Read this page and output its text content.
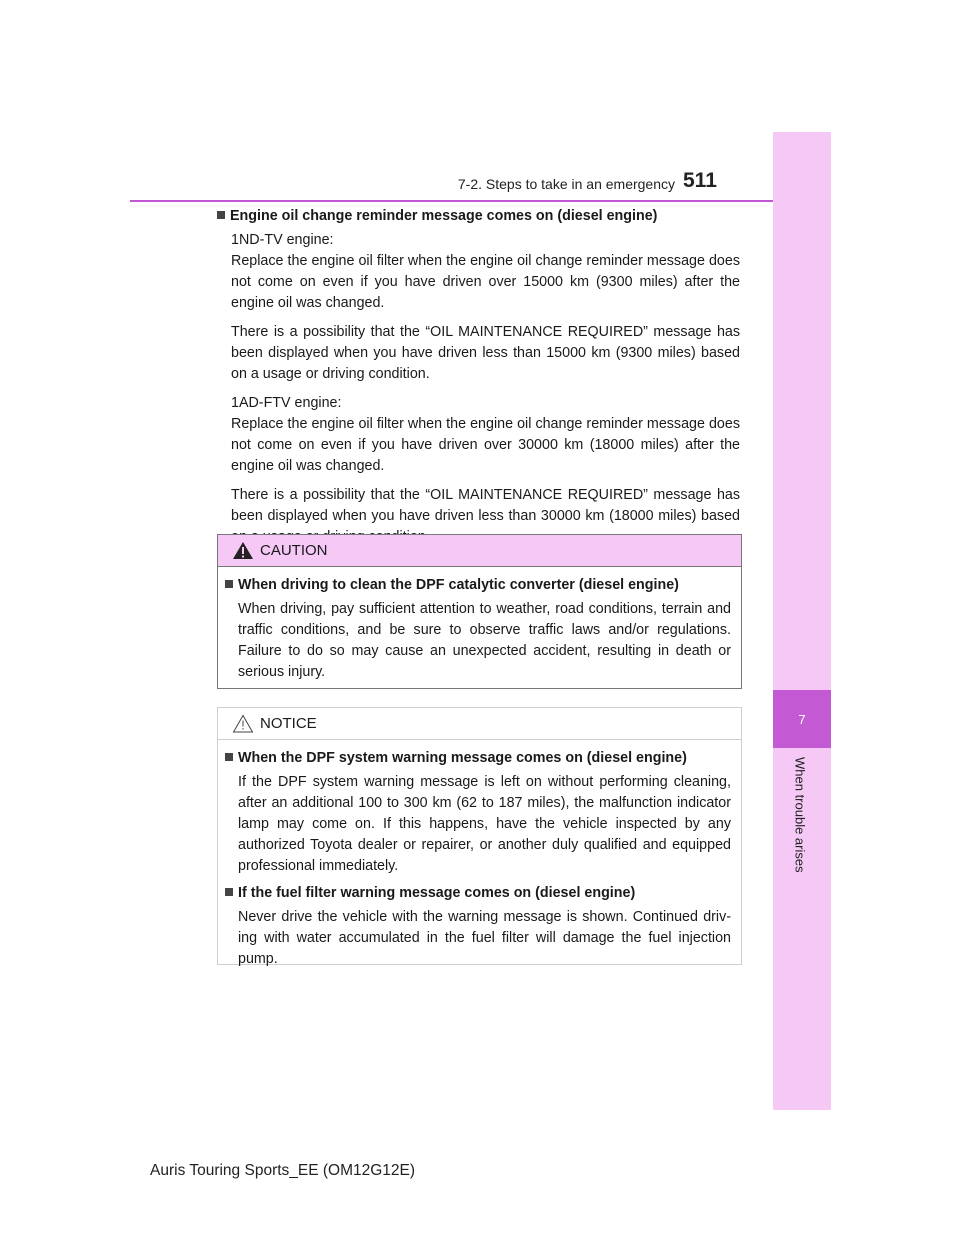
7-2. Steps to take in an emergency 511
7
When trouble arises
Engine oil change reminder message comes on (diesel engine)

1ND-TV engine:

Replace the engine oil filter when the engine oil change reminder message does not come on even if you have driven over 15000 km (9300 miles) after the engine oil was changed.

There is a possibility that the “OIL MAINTENANCE REQUIRED” message has been displayed when you have driven less than 15000 km (9300 miles) based on a usage or driving condition.

1AD-FTV engine:

Replace the engine oil filter when the engine oil change reminder message does not come on even if you have driven over 30000 km (18000 miles) after the engine oil was changed.

There is a possibility that the “OIL MAINTENANCE REQUIRED” message has been displayed when you have driven less than 30000 km (18000 miles) based

CAUTION
When driving to clean the DPF catalytic converter (diesel engine)

When driving, pay sufficient attention to weather, road conditions, terrain and traffic conditions, and be sure to observe traffic laws and/or regulations. Failure to do so may cause an unexpected accident, resulting in death or serious injury.

NOTICE
When the DPF system warning message comes on (diesel engine)

If the DPF system warning message is left on without performing cleaning, after an additional 100 to 300 km (62 to 187 miles), the malfunction indicator lamp may come on. If this happens, have the vehicle inspected by any authorized Toyota dealer or repairer, or another duly qualified and equipped professional immediately.

If the fuel filter warning message comes on (diesel engine)

Never drive the vehicle with the warning message is shown. Continued driving with water accumulated in the fuel filter will damage the fuel injection pump.

Auris Touring Sports_EE (OM12G12E)
